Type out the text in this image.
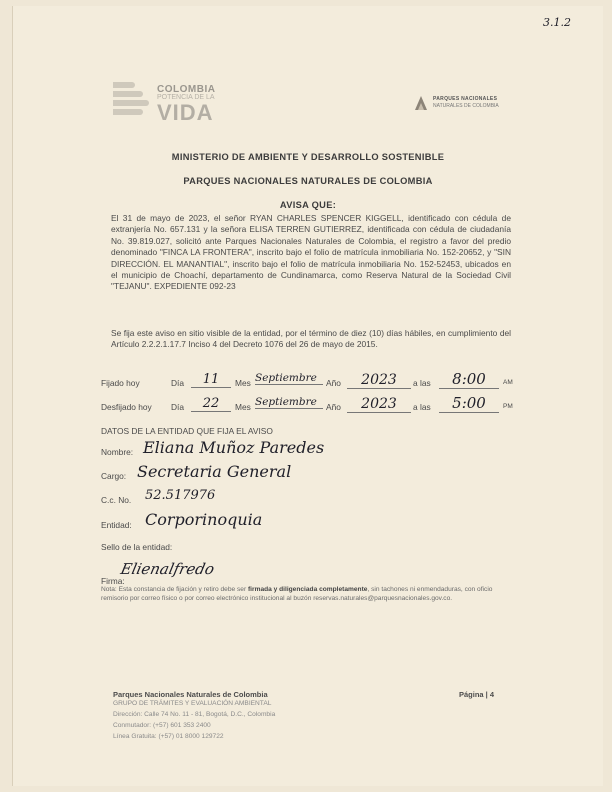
COLOMBIA
POTENCIA DE LA
VIDA
PARQUES NACIONALES
NATURALES DE COLOMBIA
3.1.2
MINISTERIO DE AMBIENTE Y DESARROLLO SOSTENIBLE
PARQUES NACIONALES NATURALES DE COLOMBIA
AVISA QUE:
El 31 de mayo de 2023, el señor RYAN CHARLES SPENCER KIGGELL, identificado con cédula de extranjería No. 657.131 y la señora ELISA TERREN GUTIERREZ, identificada con cédula de ciudadanía No. 39.819.027, solicitó ante Parques Nacionales Naturales de Colombia, el registro a favor del predio denominado "FINCA LA FRONTERA", inscrito bajo el folio de matrícula inmobiliaria No. 152-20652, y "SIN DIRECCIÓN. EL MANANTIAL", inscrito bajo el folio de matrícula inmobiliaria No. 152-52453, ubicados en el municipio de Choachí, departamento de Cundinamarca, como Reserva Natural de la Sociedad Civil "TEJANU". EXPEDIENTE 092-23
Se fija este aviso en sitio visible de la entidad, por el término de diez (10) días hábiles, en cumplimiento del Artículo 2.2.2.1.17.7 Inciso 4 del Decreto 1076 del 26 de mayo de 2015.
Fijado hoy	Día	11	Mes Septiembre	Año	2023	a las	8:00	AM
Desfijado hoy Día	22	Mes Septiembre	Año	2023	a las	5:00	PM
DATOS DE LA ENTIDAD QUE FIJA EL AVISO
Nombre: Eliana Muñoz Paredes
Cargo: Secretaria General
C.c. No. 52.517976
Entidad: Corporinoquia
Sello de la entidad:
Firma:
Elienalfredo
Nota: Esta constancia de fijación y retiro debe ser firmada y diligenciada completamente, sin tachones ni enmendaduras, con oficio remisorio por correo físico o por correo electrónico institucional al buzón reservas.naturales@parquesnacionales.gov.co.
Parques Nacionales Naturales de Colombia
GRUPO DE TRÁMITES Y EVALUACIÓN AMBIENTAL
Dirección: Calle 74 No. 11 - 81, Bogotá, D.C., Colombia
Conmutador: (+57) 601 353 2400
Línea Gratuita: (+57) 01 8000 129722
Página | 4
